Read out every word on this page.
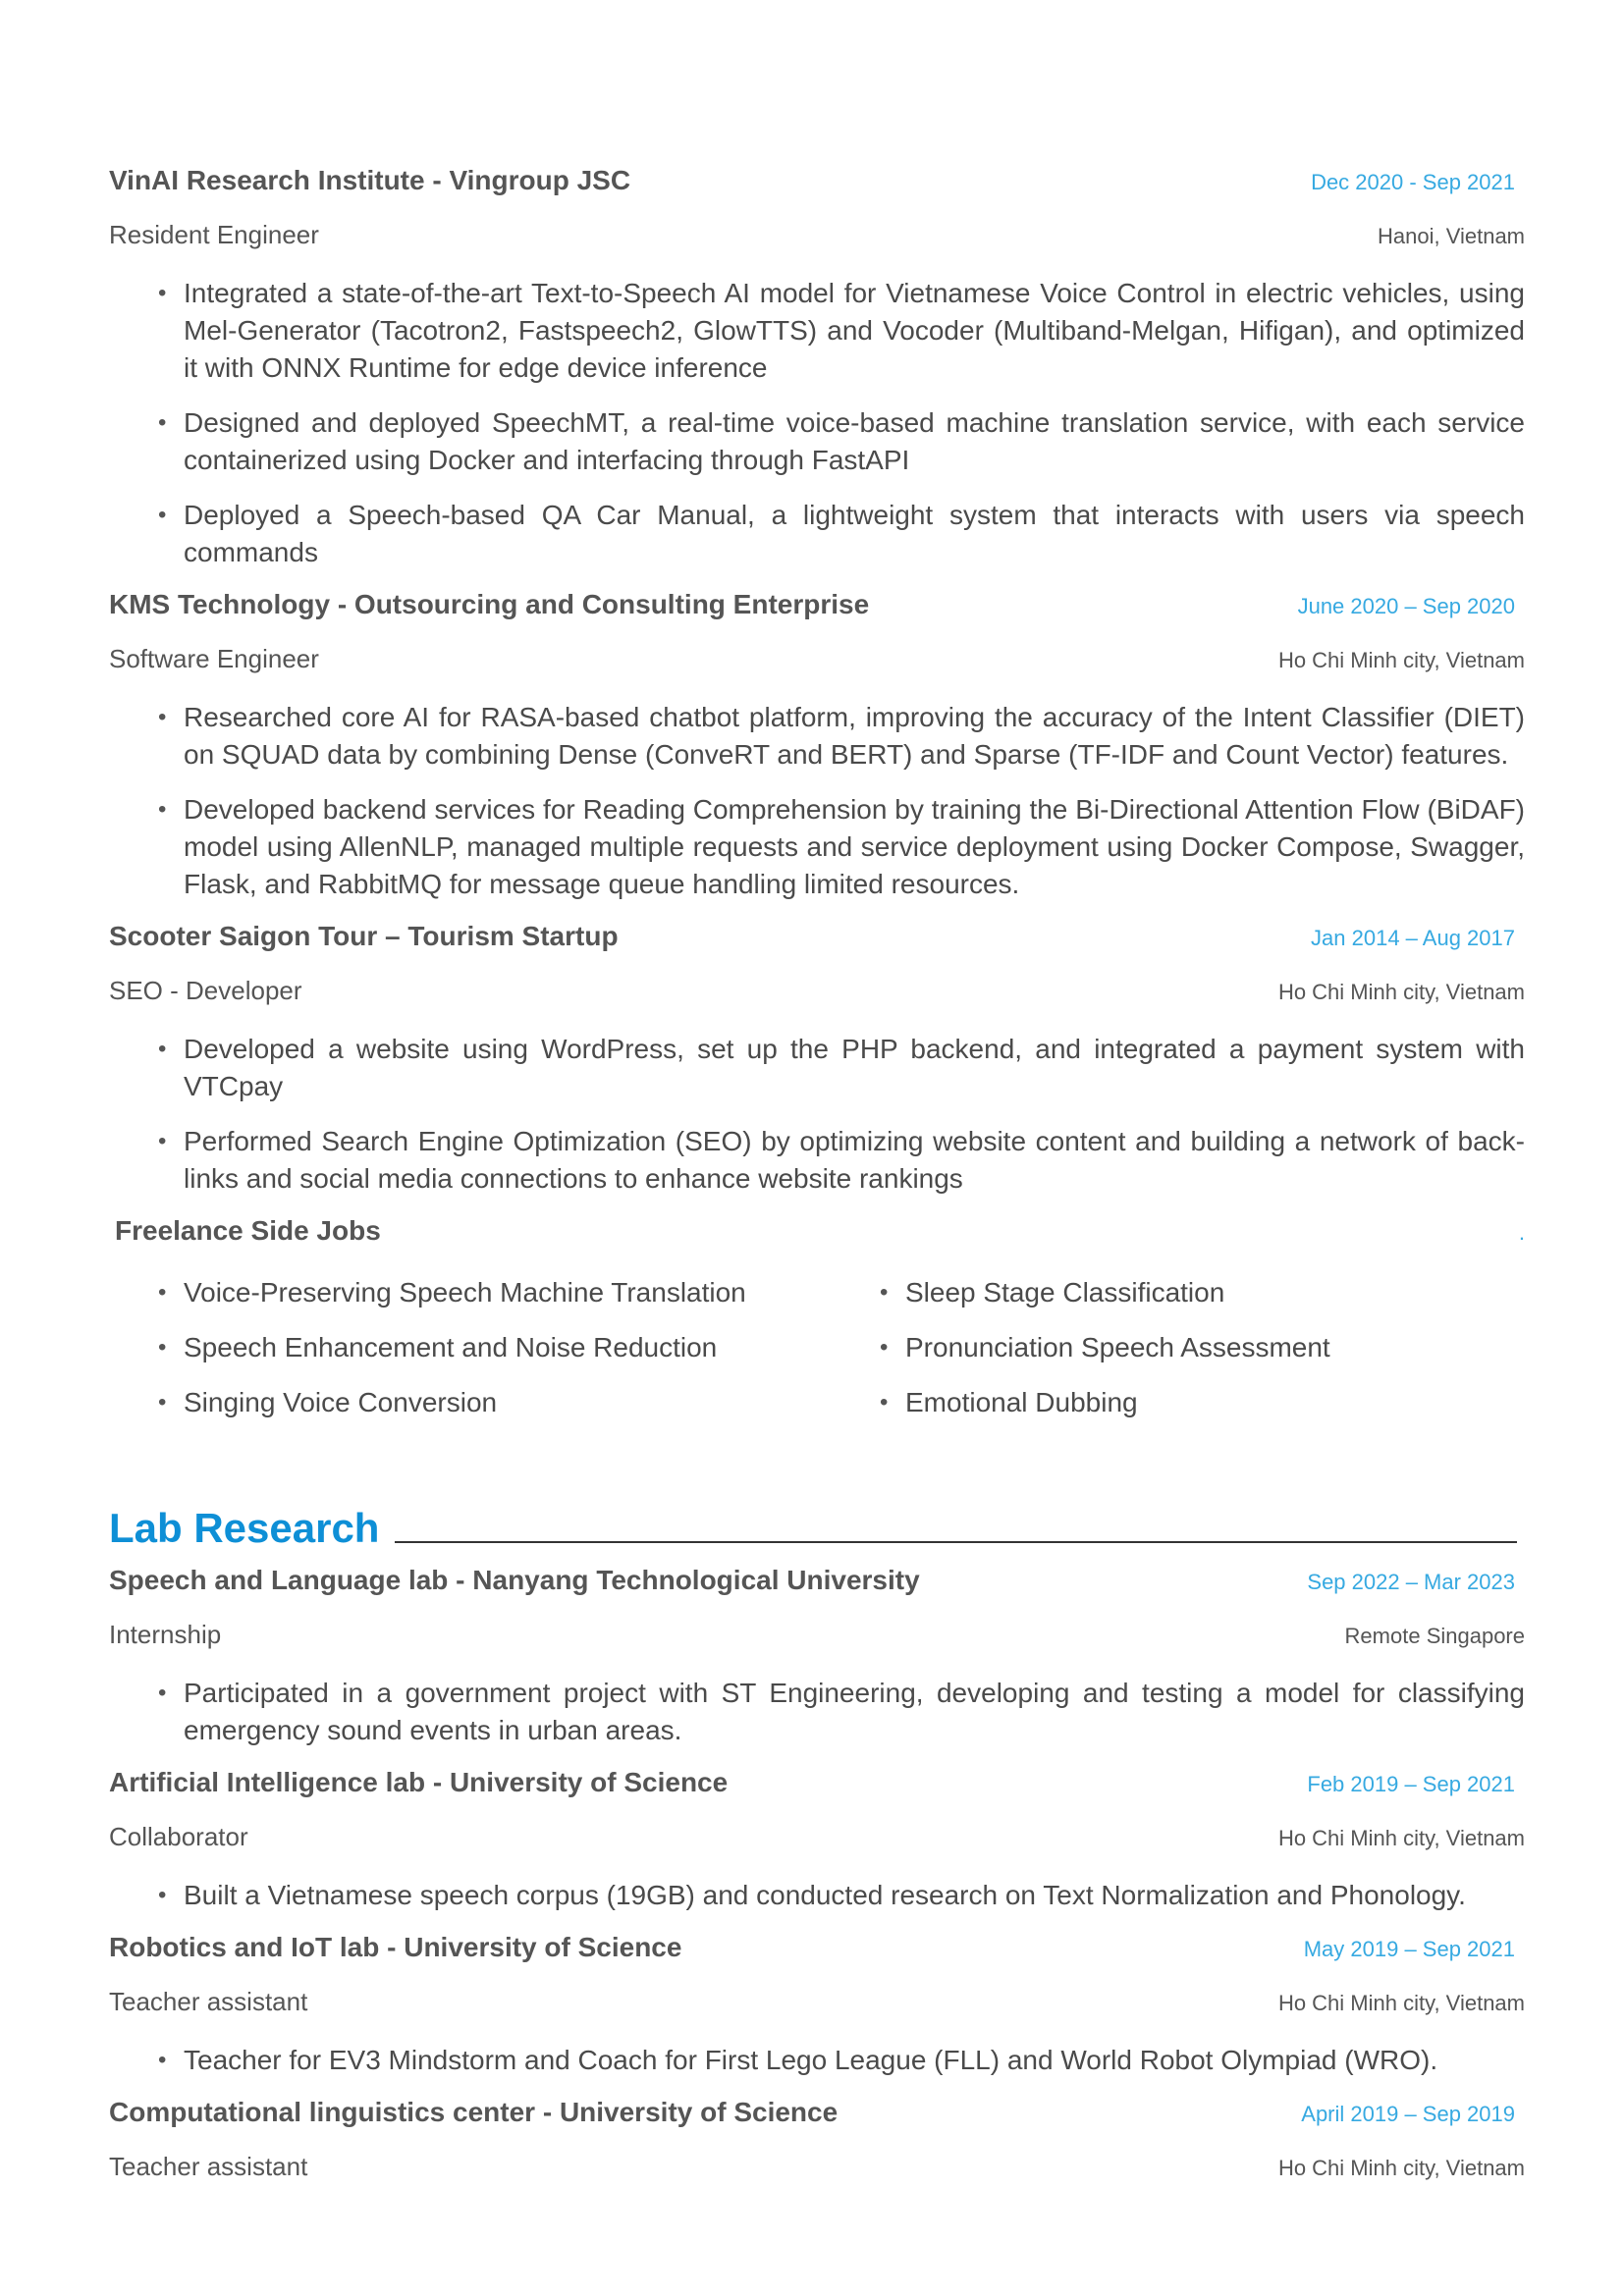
VinAI Research Institute - Vingroup JSC	Dec 2020 - Sep 2021
Resident Engineer	Hanoi, Vietnam
• Integrated a state-of-the-art Text-to-Speech AI model for Vietnamese Voice Control in electric vehicles, using Mel-Generator (Tacotron2, Fastspeech2, GlowTTS) and Vocoder (Multiband-Melgan, Hifigan), and optimized it with ONNX Runtime for edge device inference
• Designed and deployed SpeechMT, a real-time voice-based machine translation service, with each service containerized using Docker and interfacing through FastAPI
• Deployed a Speech-based QA Car Manual, a lightweight system that interacts with users via speech commands
KMS Technology - Outsourcing and Consulting Enterprise	June 2020 – Sep 2020
Software Engineer	Ho Chi Minh city, Vietnam
• Researched core AI for RASA-based chatbot platform, improving the accuracy of the Intent Classifier (DIET) on SQUAD data by combining Dense (ConveRT and BERT) and Sparse (TF-IDF and Count Vector) features.
• Developed backend services for Reading Comprehension by training the Bi-Directional Attention Flow (BiDAF) model using AllenNLP, managed multiple requests and service deployment using Docker Compose, Swagger, Flask, and RabbitMQ for message queue handling limited resources.
Scooter Saigon Tour – Tourism Startup	Jan 2014 – Aug 2017
SEO - Developer	Ho Chi Minh city, Vietnam
• Developed a website using WordPress, set up the PHP backend, and integrated a payment system with VTCpay
• Performed Search Engine Optimization (SEO) by optimizing website content and building a network of back-links and social media connections to enhance website rankings
Freelance Side Jobs	.
• Voice-Preserving Speech Machine Translation	• Sleep Stage Classification
• Speech Enhancement and Noise Reduction	• Pronunciation Speech Assessment
• Singing Voice Conversion	• Emotional Dubbing
Lab Research
Speech and Language lab - Nanyang Technological University	Sep 2022 – Mar 2023
Internship	Remote Singapore
• Participated in a government project with ST Engineering, developing and testing a model for classifying emergency sound events in urban areas.
Artificial Intelligence lab - University of Science	Feb 2019 – Sep 2021
Collaborator	Ho Chi Minh city, Vietnam
• Built a Vietnamese speech corpus (19GB) and conducted research on Text Normalization and Phonology.
Robotics and IoT lab - University of Science	May 2019 – Sep 2021
Teacher assistant	Ho Chi Minh city, Vietnam
• Teacher for EV3 Mindstorm and Coach for First Lego League (FLL) and World Robot Olympiad (WRO).
Computational linguistics center - University of Science	April 2019 – Sep 2019
Teacher assistant	Ho Chi Minh city, Vietnam
